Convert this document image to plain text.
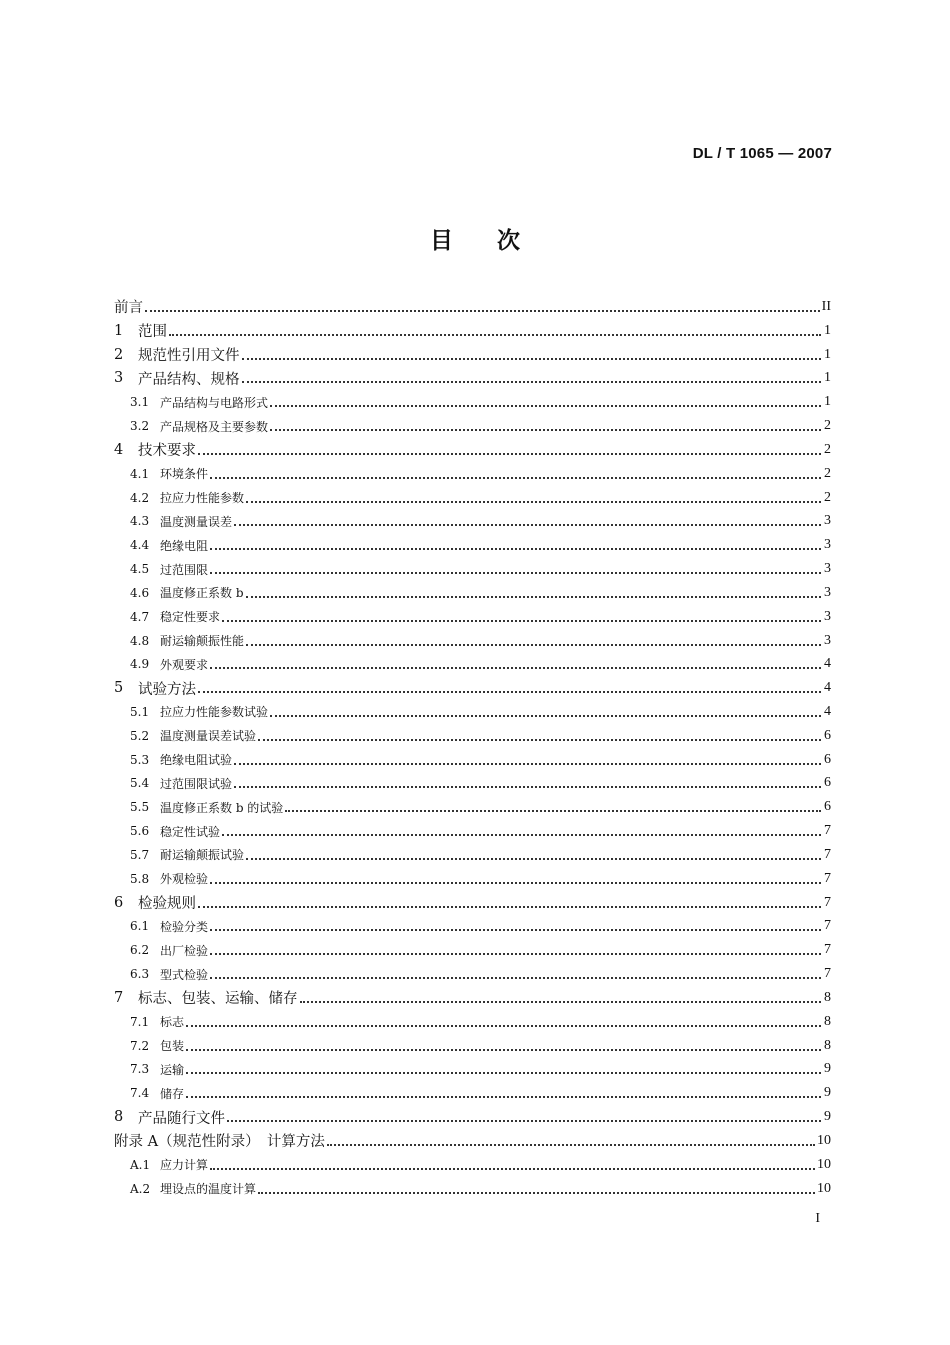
DL / T 1065 — 2007
目次
前言	II
1	范围	1
2	规范性引用文件	1
3	产品结构、规格	1
3.1 产品结构与电路形式	1
3.2 产品规格及主要参数	2
4	技术要求	2
4.1 环境条件	2
4.2 拉应力性能参数	2
4.3 温度测量误差	3
4.4 绝缘电阻	3
4.5 过范围限	3
4.6 温度修正系数 b	3
4.7 稳定性要求	3
4.8 耐运输颠振性能	3
4.9 外观要求	4
5	试验方法	4
5.1 拉应力性能参数试验	4
5.2 温度测量误差试验	6
5.3 绝缘电阻试验	6
5.4 过范围限试验	6
5.5 温度修正系数 b 的试验	6
5.6 稳定性试验	7
5.7 耐运输颠振试验	7
5.8 外观检验	7
6	检验规则	7
6.1 检验分类	7
6.2 出厂检验	7
6.3 型式检验	7
7	标志、包装、运输、储存	8
7.1 标志	8
7.2 包装	8
7.3 运输	9
7.4 储存	9
8	产品随行文件	9
附录 A（规范性附录）　计算方法	10
A.1 应力计算	10
A.2 埋设点的温度计算	10
I
